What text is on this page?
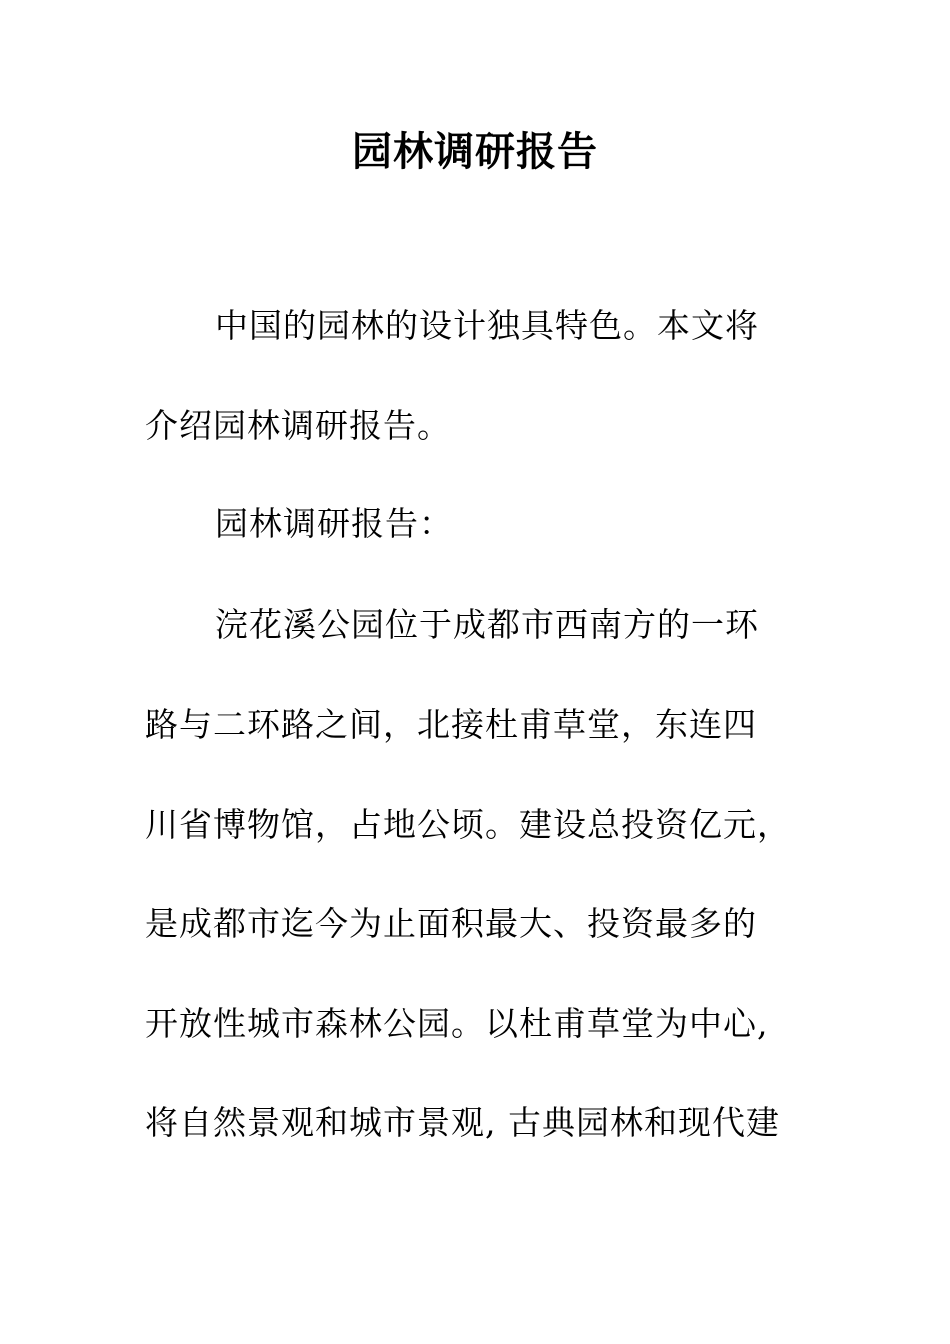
园林调研报告
中国的园林的设计独具特色。本文将
介绍园林调研报告。
园林调研报告：
浣花溪公园位于成都市西南方的一环
路与二环路之间，北接杜甫草堂，东连四
川省博物馆，占地公顷。建设总投资亿元，
是成都市迄今为止面积最大、投资最多的
开放性城市森林公园。以杜甫草堂为中心,
将自然景观和城市景观, 古典园林和现代建
